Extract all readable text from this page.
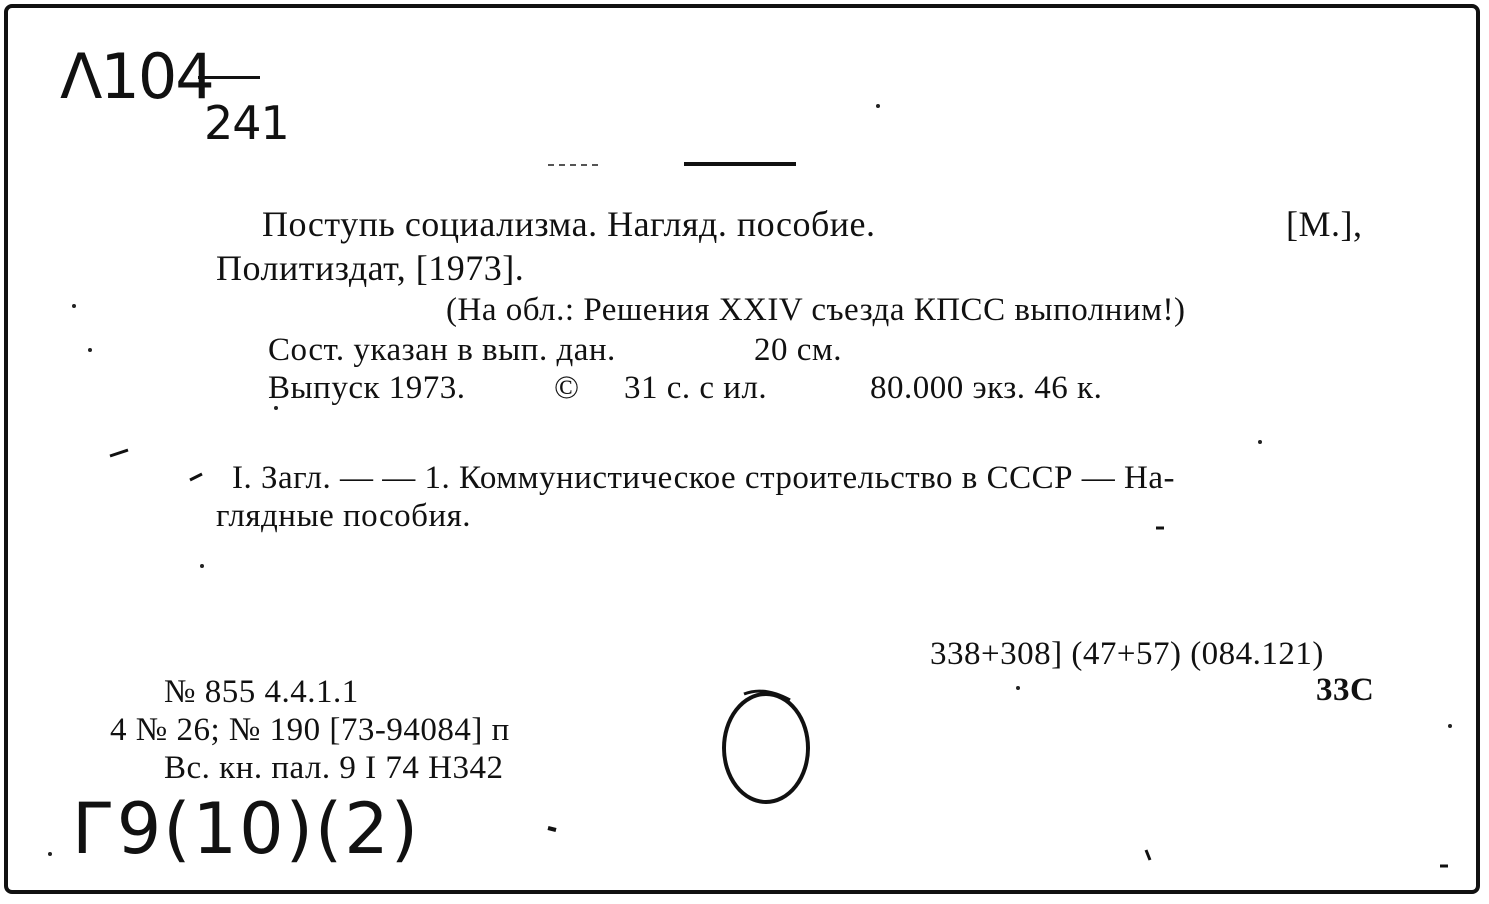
Λ104
241
Поступь социализма. Нагляд. пособие.	[М.],
Политиздат, [1973].
(На обл.: Решения XXIV съезда КПСС выполним!)
Сост. указан в вып. дан.	20 см.
Выпуск 1973.	© 31 с. с ил.	80.000 экз. 46 к.
I. Загл. — — 1. Коммунистическое строительство в СССР — На-
глядные пособия.
338+308] (47+57) (084.121)
33С
№ 855 4.4.1.1
4 № 26; № 190 [73-94084] п
Вс. кн. пал. 9 I 74 Н342
Г9(10)(2)
